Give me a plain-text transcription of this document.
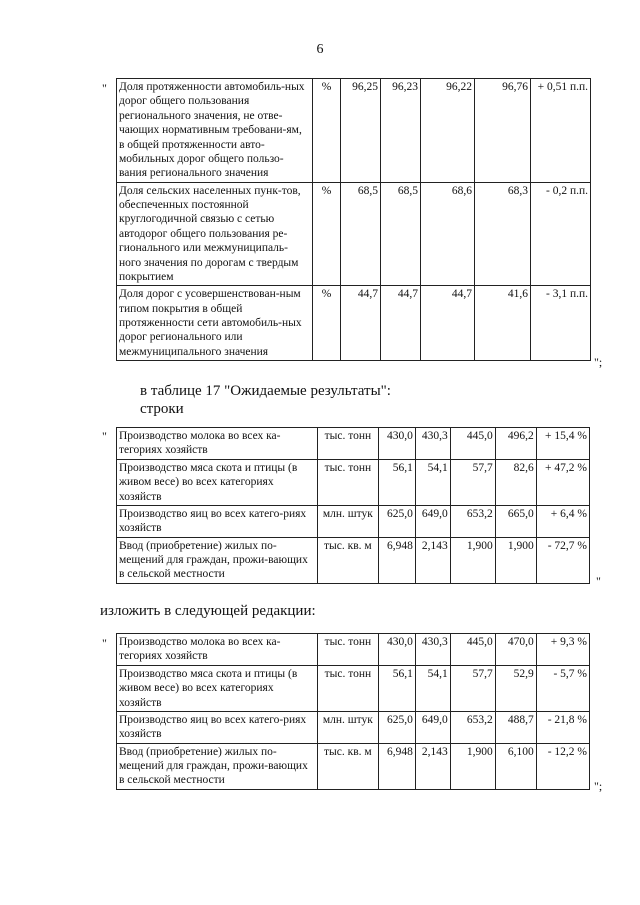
6
" Доля протяженности автомобиль-ных дорог общего пользования регионального значения, не отве-чающих нормативным требовани-ям, в общей протяженности авто-мобильных дорог общего пользо-вания регионального значения	%	96,25	96,23	96,22	96,76	+ 0,51 п.п.
Доля сельских населенных пунк-тов, обеспеченных постоянной круглогодичной связью с сетью автодорог общего пользования ре-гионального или межмуниципаль-ного значения по дорогам с твердым покрытием	%	68,5	68,5	68,6	68,3	- 0,2 п.п.
Доля дорог с усовершенствован-ным типом покрытия в общей протяженности сети автомобиль-ных дорог регионального или межмуниципального значения	%	44,7	44,7	44,7	41,6	- 3,1 п.п.
";
в таблице 17 "Ожидаемые результаты":
строки
" Производство молока во всех ка-тегориях хозяйств	тыс. тонн	430,0	430,3	445,0	496,2	+ 15,4 %
Производство мяса скота и птицы (в живом весе) во всех категориях хозяйств	тыс. тонн	56,1	54,1	57,7	82,6	+ 47,2 %
Производство яиц во всех катего-риях хозяйств	млн. штук	625,0	649,0	653,2	665,0	+ 6,4 %
Ввод (приобретение) жилых по-мещений для граждан, прожи-вающих в сельской местности	тыс. кв. м	6,948	2,143	1,900	1,900	- 72,7 %
"
изложить в следующей редакции:
" Производство молока во всех ка-тегориях хозяйств	тыс. тонн	430,0	430,3	445,0	470,0	+ 9,3 %
Производство мяса скота и птицы (в живом весе) во всех категориях хозяйств	тыс. тонн	56,1	54,1	57,7	52,9	- 5,7 %
Производство яиц во всех катего-риях хозяйств	млн. штук	625,0	649,0	653,2	488,7	- 21,8 %
Ввод (приобретение) жилых по-мещений для граждан, прожи-вающих в сельской местности	тыс. кв. м	6,948	2,143	1,900	6,100	- 12,2 %
";
